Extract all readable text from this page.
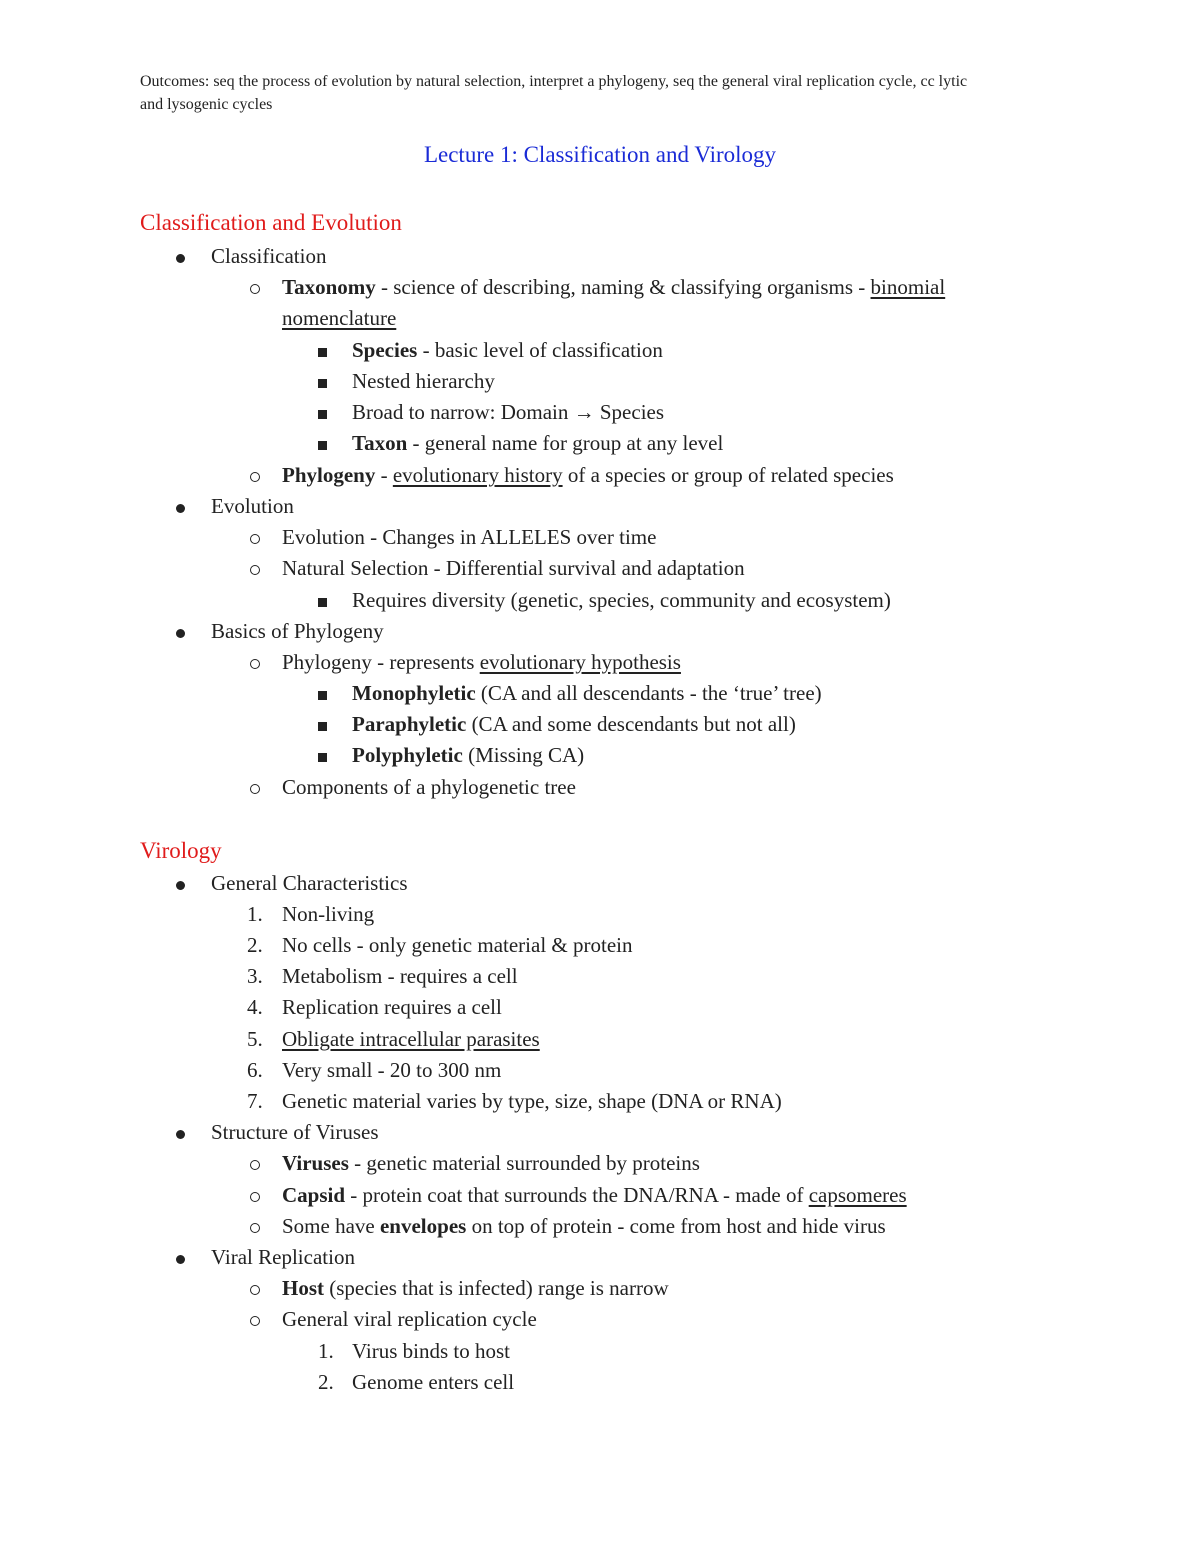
Outcomes: seq the process of evolution by natural selection, interpret a phylogeny, seq the general viral replication cycle, cc lytic
and lysogenic cycles
Lecture 1: Classification and Virology
Classification and Evolution
Classification
Taxonomy - science of describing, naming & classifying organisms - binomial
nomenclature
Species - basic level of classification
Nested hierarchy
Broad to narrow: Domain → Species
Taxon - general name for group at any level
Phylogeny - evolutionary history of a species or group of related species
Evolution
Evolution - Changes in ALLELES over time
Natural Selection - Differential survival and adaptation
Requires diversity (genetic, species, community and ecosystem)
Basics of Phylogeny
Phylogeny - represents evolutionary hypothesis
Monophyletic (CA and all descendants - the ‘true’ tree)
Paraphyletic (CA and some descendants but not all)
Polyphyletic (Missing CA)
Components of a phylogenetic tree
Virology
General Characteristics
1. Non-living
2. No cells - only genetic material & protein
3. Metabolism - requires a cell
4. Replication requires a cell
5. Obligate intracellular parasites
6. Very small - 20 to 300 nm
7. Genetic material varies by type, size, shape (DNA or RNA)
Structure of Viruses
Viruses - genetic material surrounded by proteins
Capsid - protein coat that surrounds the DNA/RNA - made of capsomeres
Some have envelopes on top of protein - come from host and hide virus
Viral Replication
Host (species that is infected) range is narrow
General viral replication cycle
1. Virus binds to host
2. Genome enters cell
